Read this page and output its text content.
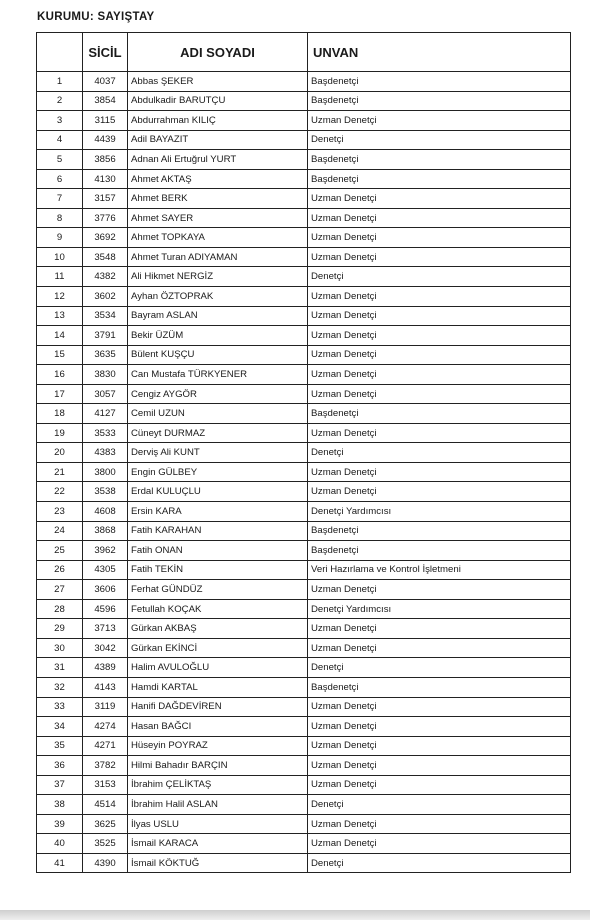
KURUMU: SAYIŞTAY
	SİCİL	ADI SOYADI	UNVAN
1	4037	Abbas ŞEKER	Başdenetçi
2	3854	Abdulkadir BARUTÇU	Başdenetçi
3	3115	Abdurrahman KILIÇ	Uzman Denetçi
4	4439	Adil BAYAZIT	Denetçi
5	3856	Adnan Ali Ertuğrul YURT	Başdenetçi
6	4130	Ahmet AKTAŞ	Başdenetçi
7	3157	Ahmet BERK	Uzman Denetçi
8	3776	Ahmet SAYER	Uzman Denetçi
9	3692	Ahmet TOPKAYA	Uzman Denetçi
10	3548	Ahmet Turan ADIYAMAN	Uzman Denetçi
11	4382	Ali Hikmet NERGİZ	Denetçi
12	3602	Ayhan ÖZTOPRAK	Uzman Denetçi
13	3534	Bayram ASLAN	Uzman Denetçi
14	3791	Bekir ÜZÜM	Uzman Denetçi
15	3635	Bülent KUŞÇU	Uzman Denetçi
16	3830	Can Mustafa TÜRKYENER	Uzman Denetçi
17	3057	Cengiz AYGÖR	Uzman Denetçi
18	4127	Cemil UZUN	Başdenetçi
19	3533	Cüneyt DURMAZ	Uzman Denetçi
20	4383	Derviş Ali KUNT	Denetçi
21	3800	Engin GÜLBEY	Uzman Denetçi
22	3538	Erdal KULUÇLU	Uzman Denetçi
23	4608	Ersin KARA	Denetçi Yardımcısı
24	3868	Fatih KARAHAN	Başdenetçi
25	3962	Fatih ONAN	Başdenetçi
26	4305	Fatih TEKİN	Veri Hazırlama ve Kontrol İşletmeni
27	3606	Ferhat GÜNDÜZ	Uzman Denetçi
28	4596	Fetullah KOÇAK	Denetçi Yardımcısı
29	3713	Gürkan AKBAŞ	Uzman Denetçi
30	3042	Gürkan EKİNCİ	Uzman Denetçi
31	4389	Halim AVULOĞLU	Denetçi
32	4143	Hamdi KARTAL	Başdenetçi
33	3119	Hanifi DAĞDEVİREN	Uzman Denetçi
34	4274	Hasan BAĞCI	Uzman Denetçi
35	4271	Hüseyin POYRAZ	Uzman Denetçi
36	3782	Hilmi Bahadır BARÇIN	Uzman Denetçi
37	3153	İbrahim ÇELİKTAŞ	Uzman Denetçi
38	4514	İbrahim Halil ASLAN	Denetçi
39	3625	İlyas USLU	Uzman Denetçi
40	3525	İsmail KARACA	Uzman Denetçi
41	4390	İsmail KÖKTUĞ	Denetçi
